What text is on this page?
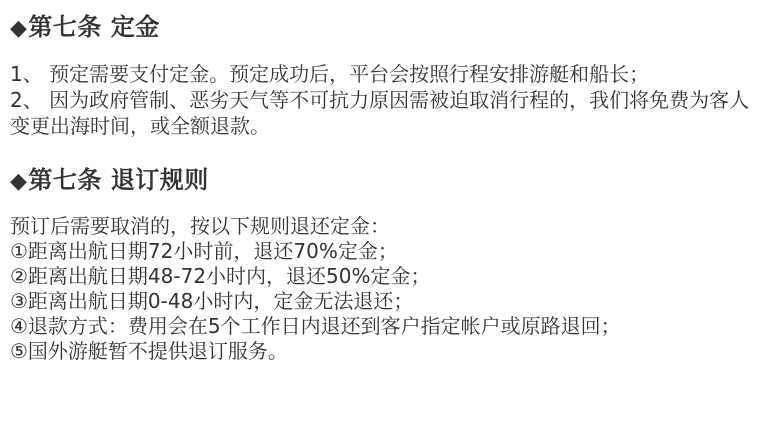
◆第七条 定金

1、 预定需要支付定金。预定成功后，平台会按照行程安排游艇和船长；

2、 因为政府管制、恶劣天气等不可抗力原因需被迫取消行程的，我们将免费为客人变更出海时间，或全额退款。

◆第七条 退订规则

预订后需要取消的，按以下规则退还定金：

①距离出航日期72小时前，退还70%定金；

②距离出航日期48-72小时内，退还50%定金；

③距离出航日期0-48小时内，定金无法退还；

④退款方式：费用会在5个工作日内退还到客户指定帐户或原路退回；

⑤国外游艇暂不提供退订服务。
